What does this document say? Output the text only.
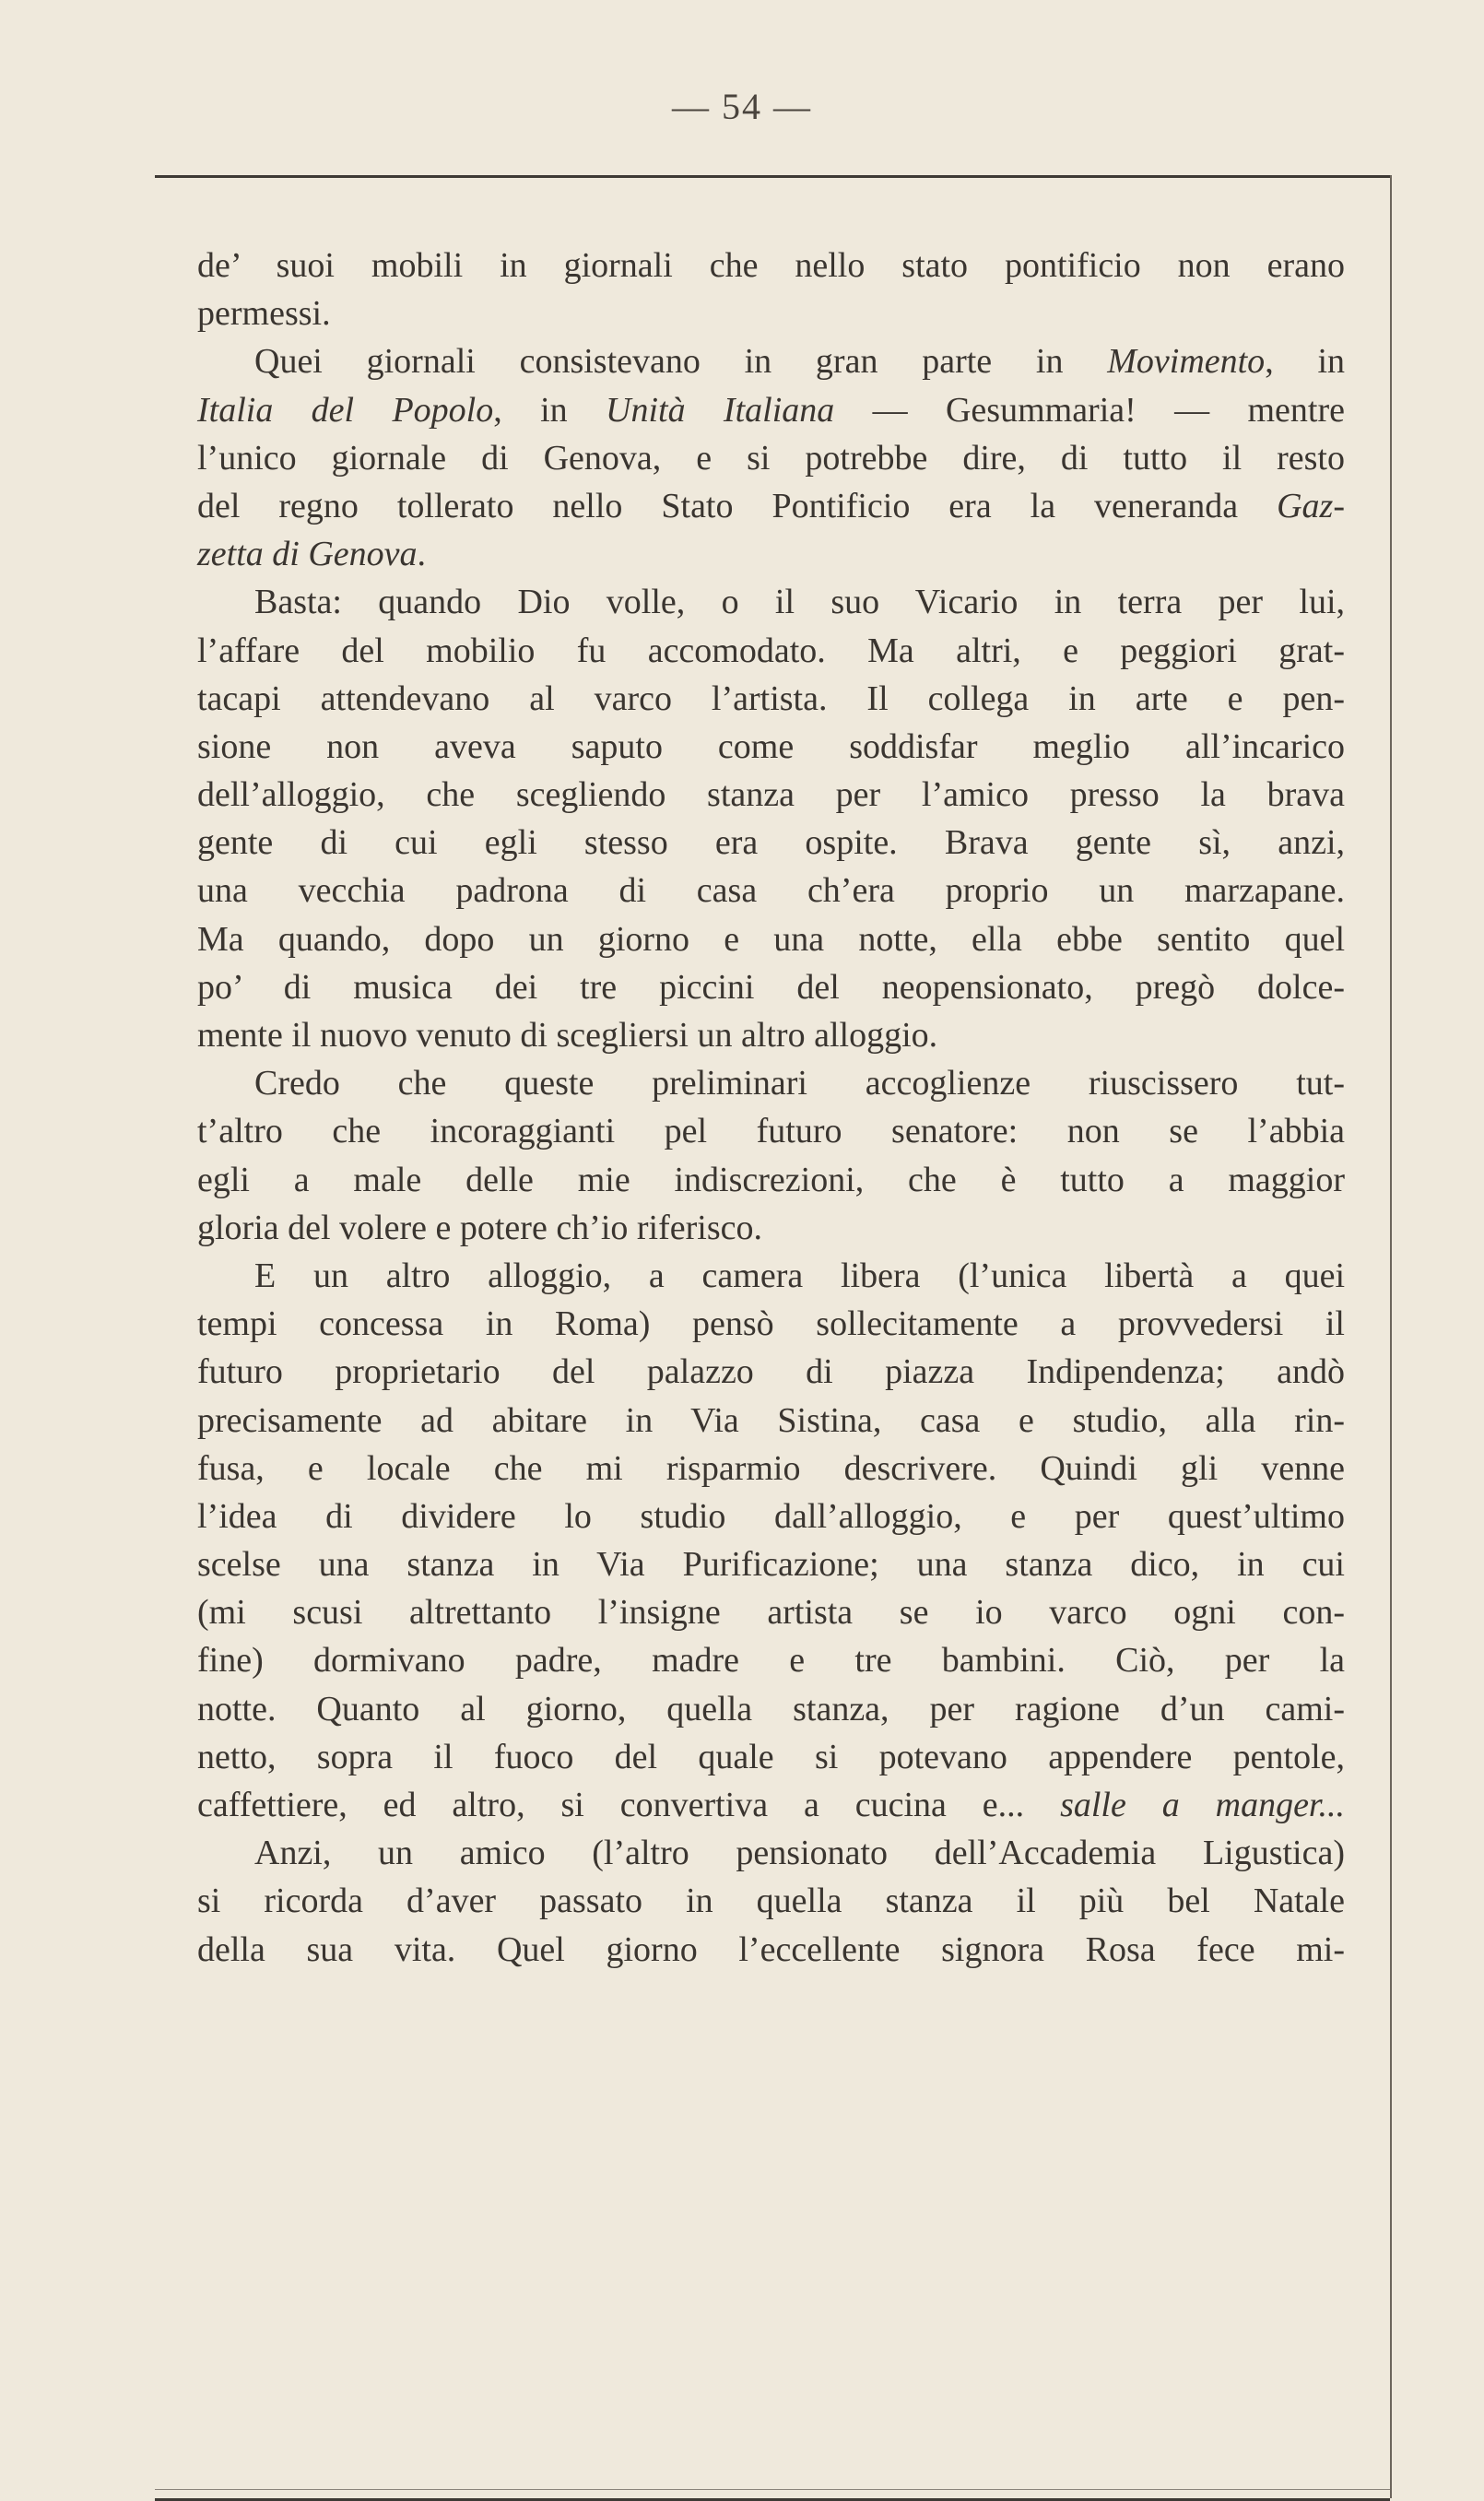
— 54 —
de’ suoi mobili in giornali che nello stato pontificio non erano
permessi.
Quei giornali consistevano in gran parte in Movimento, in
Italia del Popolo, in Unità Italiana — Gesummaria! — mentre
l’unico giornale di Genova, e si potrebbe dire, di tutto il resto
del regno tollerato nello Stato Pontificio era la veneranda Gaz-
zetta di Genova.
Basta: quando Dio volle, o il suo Vicario in terra per lui,
l’affare del mobilio fu accomodato. Ma altri, e peggiori grat-
tacapi attendevano al varco l’artista. Il collega in arte e pen-
sione non aveva saputo come soddisfar meglio all’incarico
dell’alloggio, che scegliendo stanza per l’amico presso la brava
gente di cui egli stesso era ospite. Brava gente sì, anzi,
una vecchia padrona di casa ch’era proprio un marzapane.
Ma quando, dopo un giorno e una notte, ella ebbe sentito quel
po’ di musica dei tre piccini del neopensionato, pregò dolce-
mente il nuovo venuto di scegliersi un altro alloggio.
Credo che queste preliminari accoglienze riuscissero tut-
t’altro che incoraggianti pel futuro senatore: non se l’abbia
egli a male delle mie indiscrezioni, che è tutto a maggior
gloria del volere e potere ch’io riferisco.
E un altro alloggio, a camera libera (l’unica libertà a quei
tempi concessa in Roma) pensò sollecitamente a provvedersi il
futuro proprietario del palazzo di piazza Indipendenza; andò
precisamente ad abitare in Via Sistina, casa e studio, alla rin-
fusa, e locale che mi risparmio descrivere. Quindi gli venne
l’idea di dividere lo studio dall’alloggio, e per quest’ultimo
scelse una stanza in Via Purificazione; una stanza dico, in cui
(mi scusi altrettanto l’insigne artista se io varco ogni con-
fine) dormivano padre, madre e tre bambini. Ciò, per la
notte. Quanto al giorno, quella stanza, per ragione d’un cami-
netto, sopra il fuoco del quale si potevano appendere pentole,
caffettiere, ed altro, si convertiva a cucina e... salle a manger...
Anzi, un amico (l’altro pensionato dell’Accademia Ligustica)
si ricorda d’aver passato in quella stanza il più bel Natale
della sua vita. Quel giorno l’eccellente signora Rosa fece mi-
